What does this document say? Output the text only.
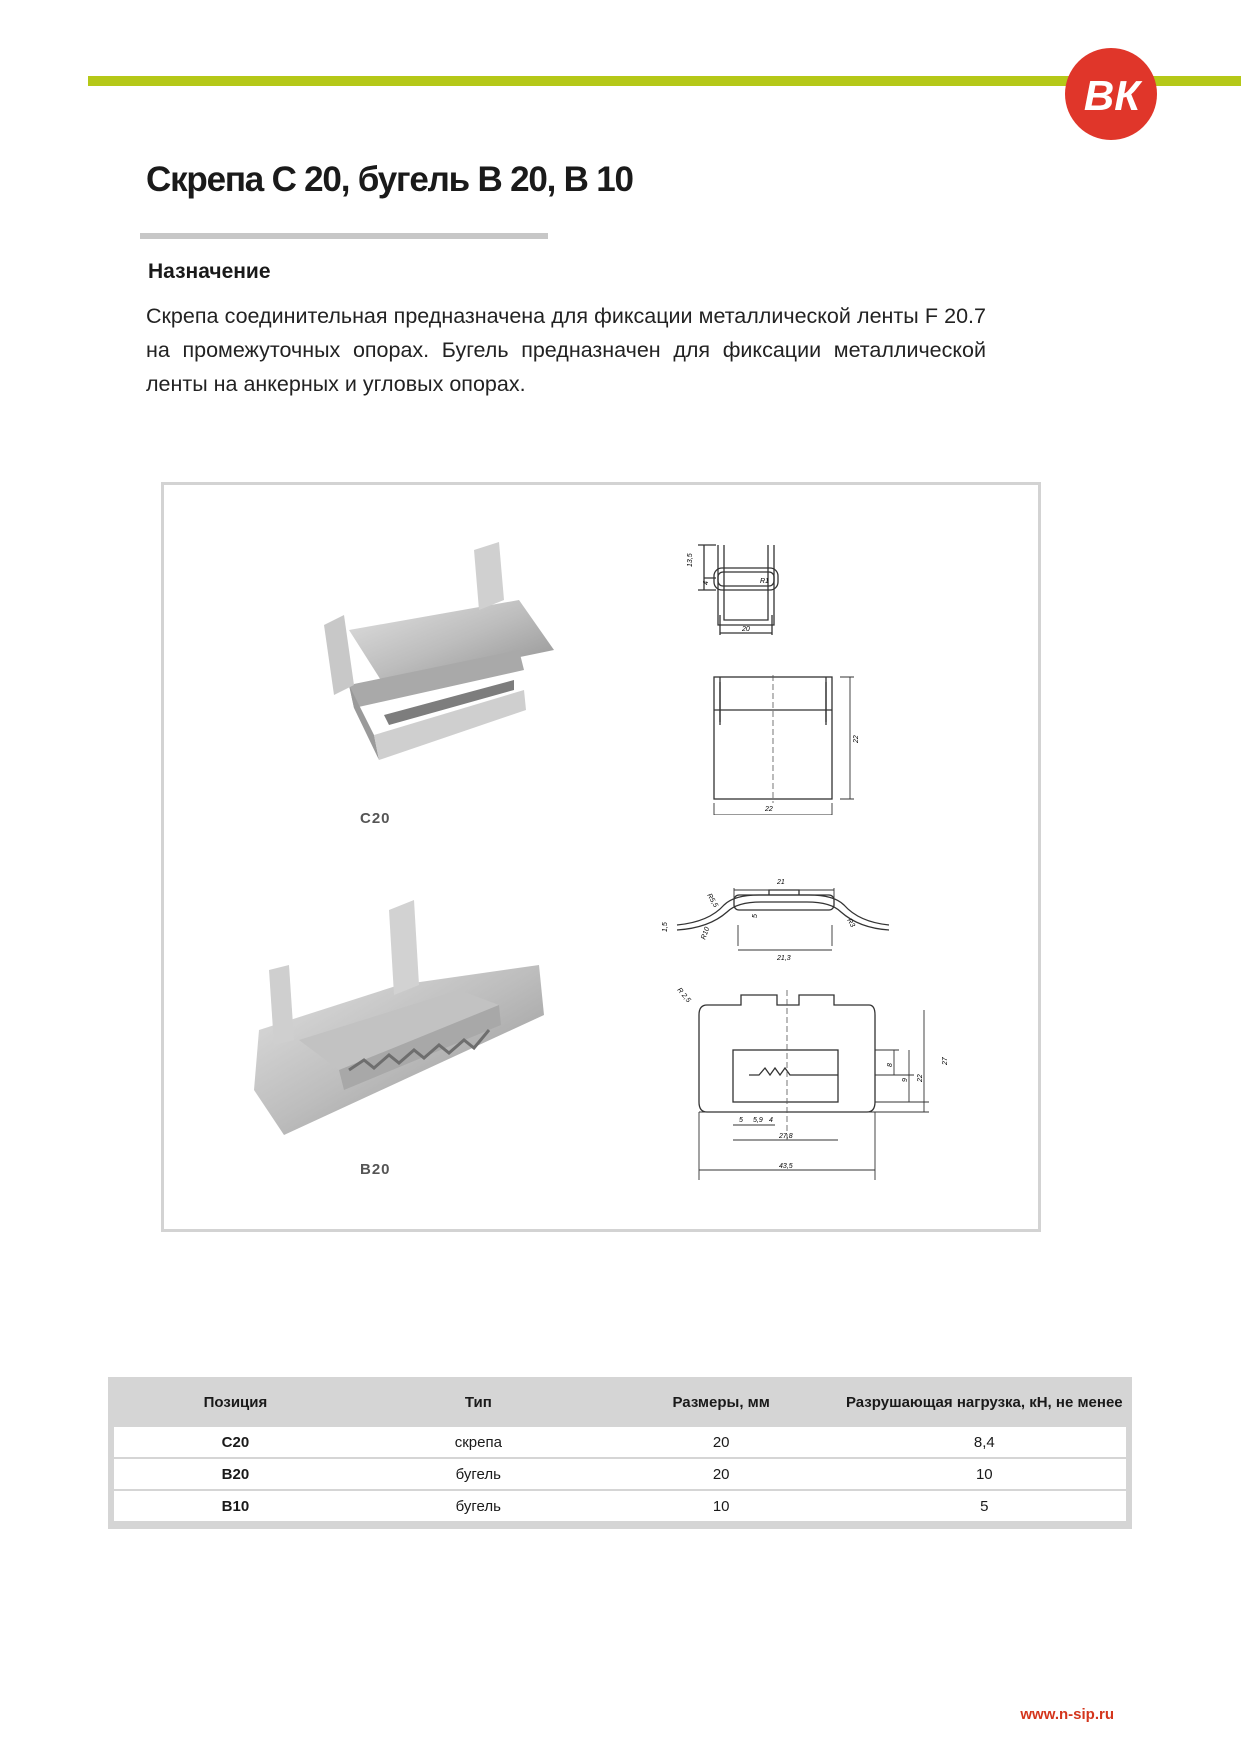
ВК
Скрепа С 20, бугель В 20, В 10
Назначение

Скрепа соединительная предназначена для фиксации металлической ленты F 20.7 на промежуточных опорах. Бугель предназначен для фиксации металлической ленты на анкерных и угловых опорах.

С20
В20
13,5
4	R1
20
22
22
21
R5,5
5
R3
1,5	R10
21,3
R 2,5
8
9 22
27
5 5,9 4
27,8
43,5
Позиция	Тип	Размеры, мм	Разрушающая нагрузка, кН, не менее
С20	скрепа	20	8,4
В20	бугель	20	10
В10	бугель	10	5
www.n-sip.ru
